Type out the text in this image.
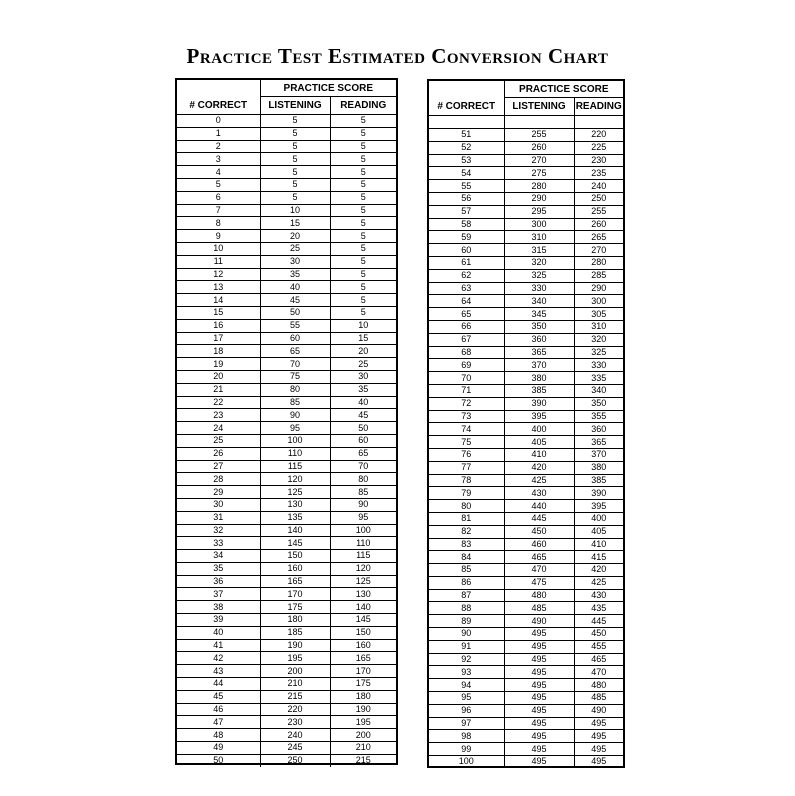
Practice Test Estimated Conversion Chart
	PRACTICE SCORE	
# CORRECT	LISTENING	READING
0	5	5
1	5	5
2	5	5
3	5	5
4	5	5
5	5	5
6	5	5
7	10	5
8	15	5
9	20	5
10	25	5
11	30	5
12	35	5
13	40	5
14	45	5
15	50	5
16	55	10
17	60	15
18	65	20
19	70	25
20	75	30
21	80	35
22	85	40
23	90	45
24	95	50
25	100	60
26	110	65
27	115	70
28	120	80
29	125	85
30	130	90
31	135	95
32	140	100
33	145	110
34	150	115
35	160	120
36	165	125
37	170	130
38	175	140
39	180	145
40	185	150
41	190	160
42	195	165
43	200	170
44	210	175
45	215	180
46	220	190
47	230	195
48	240	200
49	245	210
50	250	215
	PRACTICE SCORE	
# CORRECT	LISTENING	READING

51	255	220
52	260	225
53	270	230
54	275	235
55	280	240
56	290	250
57	295	255
58	300	260
59	310	265
60	315	270
61	320	280
62	325	285
63	330	290
64	340	300
65	345	305
66	350	310
67	360	320
68	365	325
69	370	330
70	380	335
71	385	340
72	390	350
73	395	355
74	400	360
75	405	365
76	410	370
77	420	380
78	425	385
79	430	390
80	440	395
81	445	400
82	450	405
83	460	410
84	465	415
85	470	420
86	475	425
87	480	430
88	485	435
89	490	445
90	495	450
91	495	455
92	495	465
93	495	470
94	495	480
95	495	485
96	495	490
97	495	495
98	495	495
99	495	495
100	495	495
